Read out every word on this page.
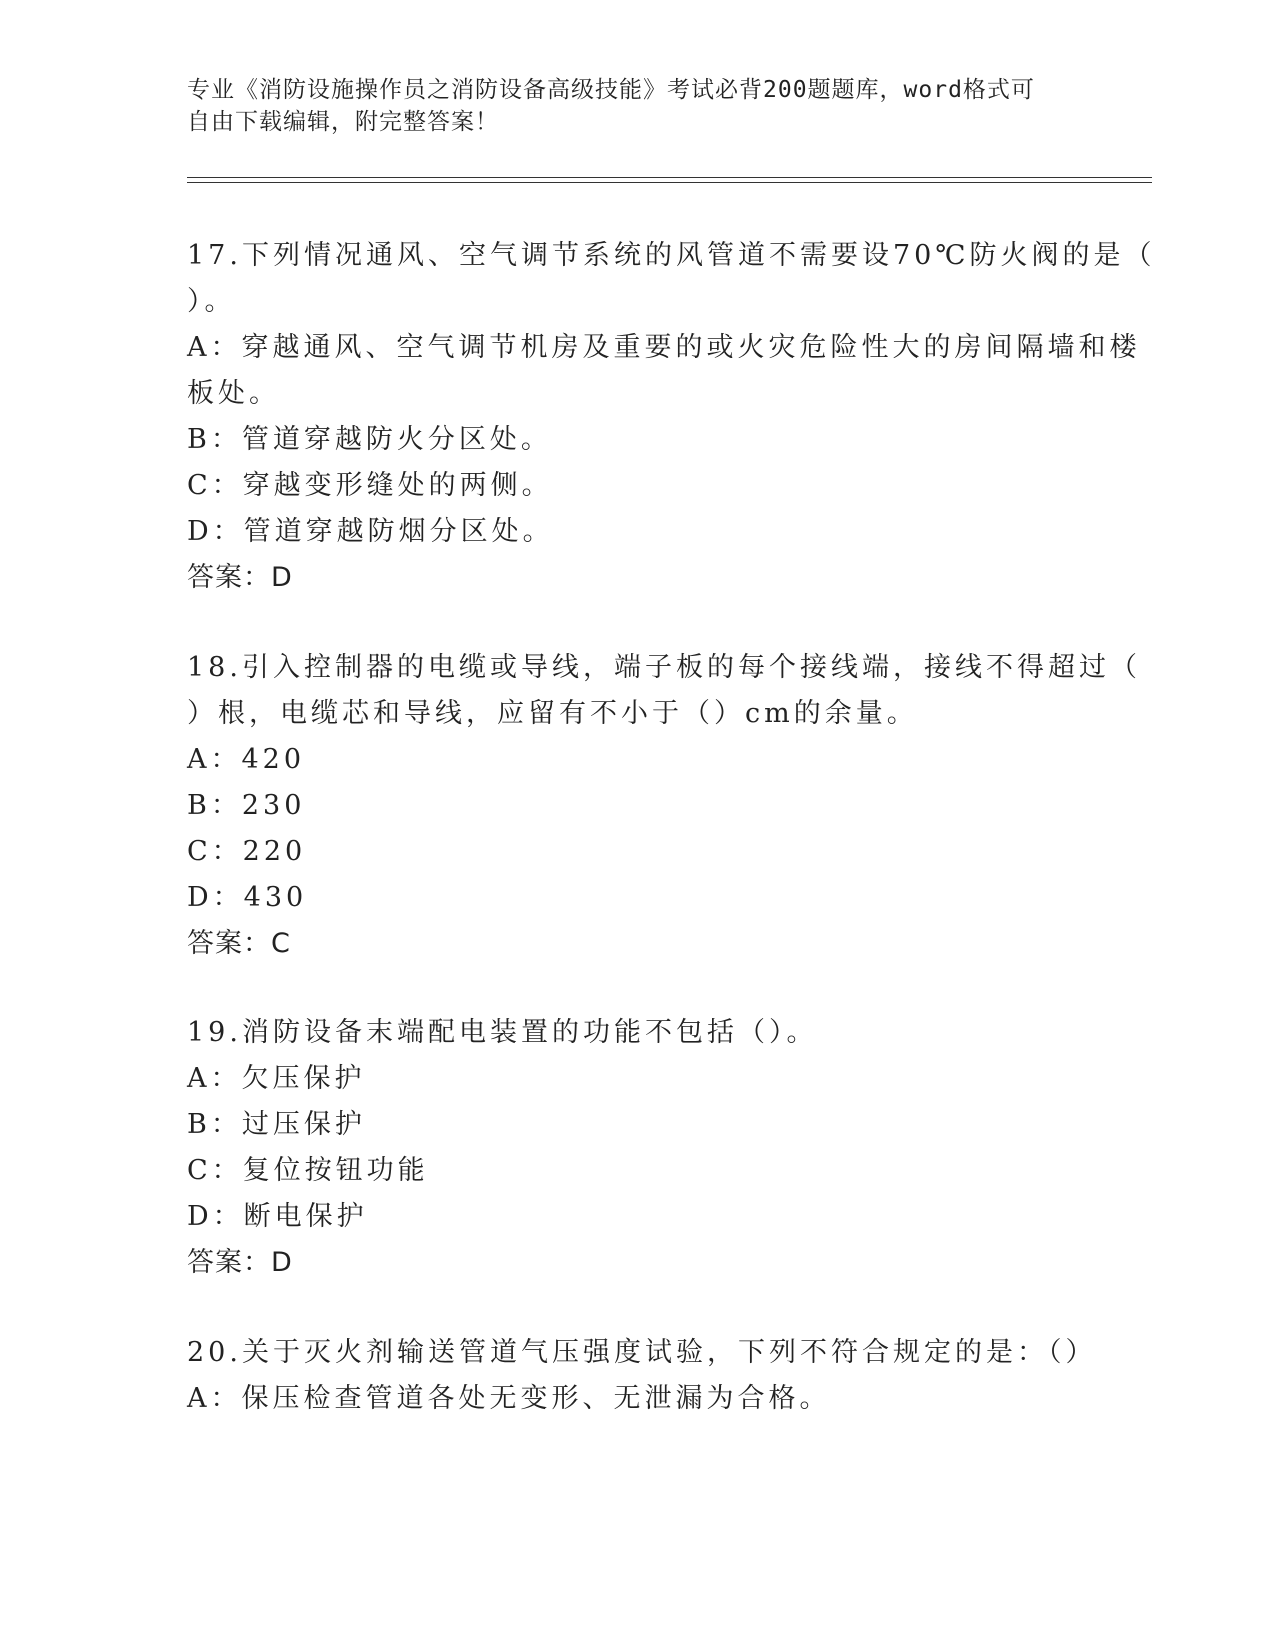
专业《消防设施操作员之消防设备高级技能》考试必背200题题库，word格式可
自由下载编辑，附完整答案！
17.下列情况通风、空气调节系统的风管道不需要设70℃防火阀的是（
）。
A：穿越通风、空气调节机房及重要的或火灾危险性大的房间隔墙和楼
板处。
B：管道穿越防火分区处。
C：穿越变形缝处的两侧。
D：管道穿越防烟分区处。
答案：D
18.引入控制器的电缆或导线，端子板的每个接线端，接线不得超过（
）根，电缆芯和导线，应留有不小于（）cm的余量。
A：420
B：230
C：220
D：430
答案：C
19.消防设备末端配电装置的功能不包括（）。
A：欠压保护
B：过压保护
C：复位按钮功能
D：断电保护
答案：D
20.关于灭火剂输送管道气压强度试验，下列不符合规定的是：（）
A：保压检查管道各处无变形、无泄漏为合格。
